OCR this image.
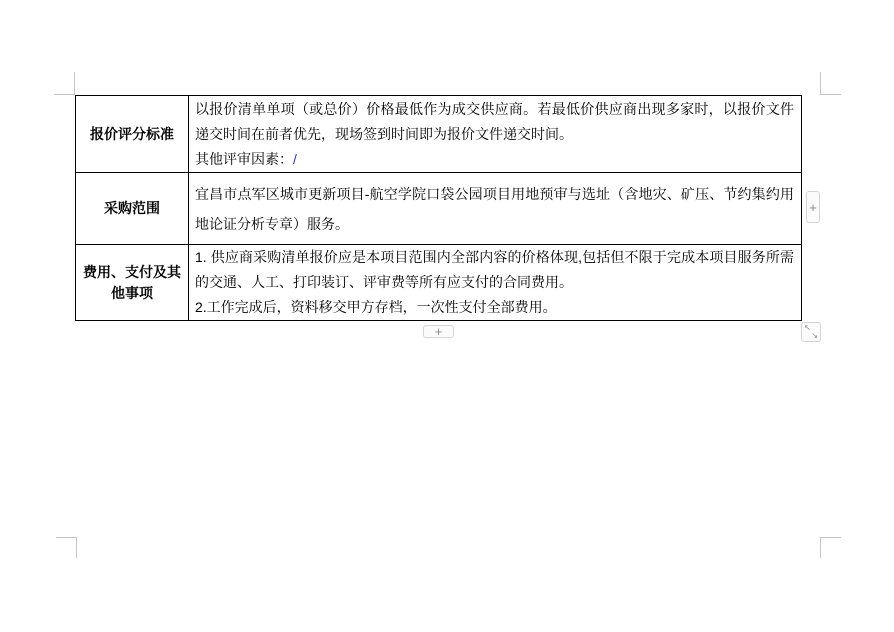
报价评分标准

以报价清单单项（或总价）价格最低作为成交供应商。若最低价供应商出现多家时，以报价文件递交时间在前者优先，现场签到时间即为报价文件递交时间。

其他评审因素：/

采购范围

宜昌市点军区城市更新项目-航空学院口袋公园项目用地预审与选址（含地灾、矿压、节约集约用地论证分析专章）服务。

费用、支付及其他事项

1. 供应商采购清单报价应是本项目范围内全部内容的价格体现,包括但不限于完成本项目服务所需的交通、人工、打印装订、评审费等所有应支付的合同费用。

2.工作完成后，资料移交甲方存档，一次性支付全部费用。

+
+	↖
↘
